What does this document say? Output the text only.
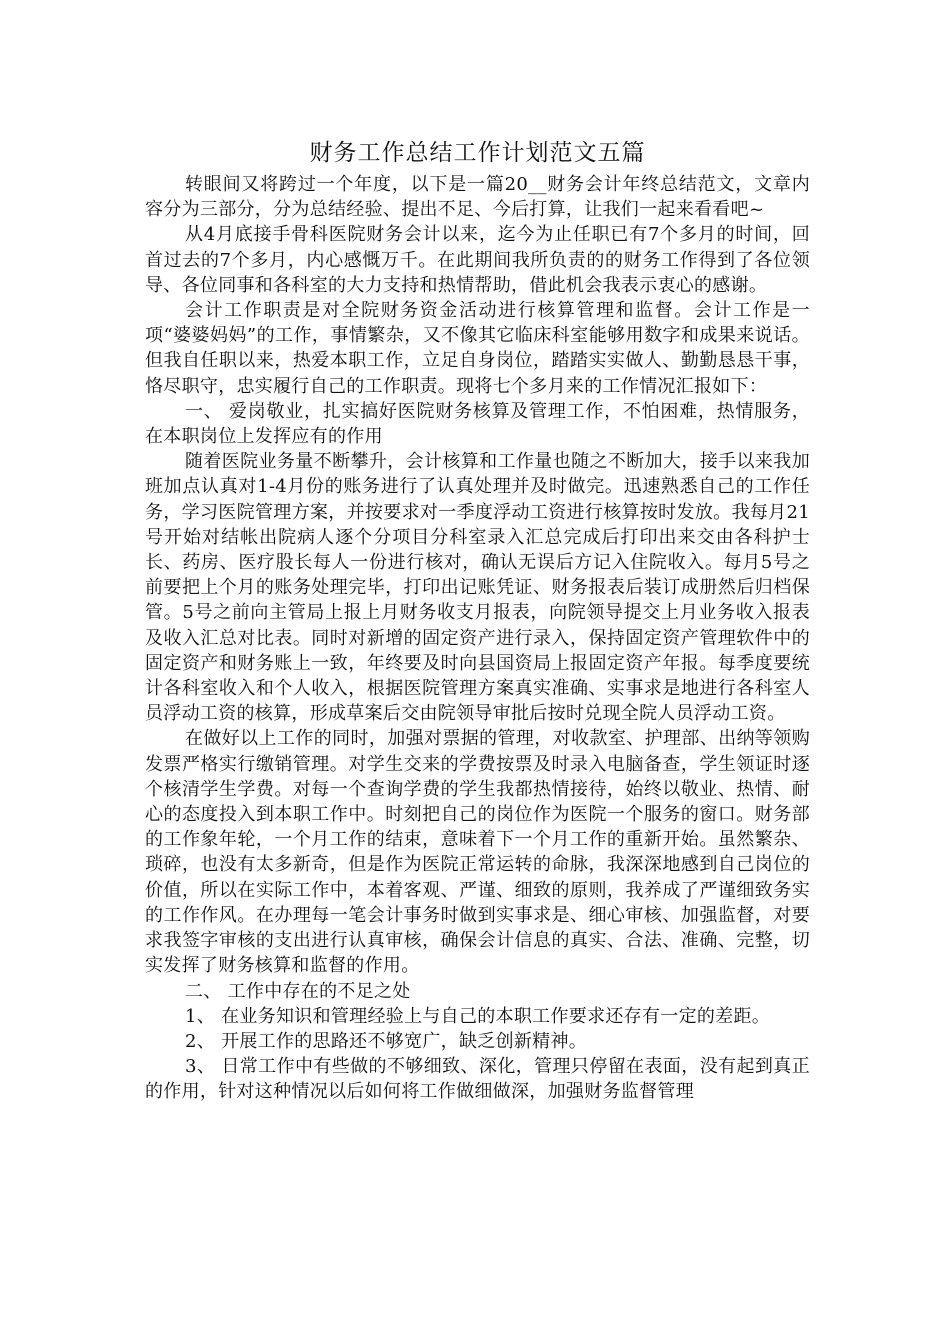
财务工作总结工作计划范文五篇

转眼间又将跨过一个年度，以下是一篇20__财务会计年终总结范文，文章内容分为三部分，分为总结经验、提出不足、今后打算，让我们一起来看看吧~

从4月底接手骨科医院财务会计以来，迄今为止任职已有7个多月的时间，回首过去的7个多月，内心感慨万千。在此期间我所负责的的财务工作得到了各位领导、各位同事和各科室的大力支持和热情帮助，借此机会我表示衷心的感谢。

会计工作职责是对全院财务资金活动进行核算管理和监督。会计工作是一项“婆婆妈妈”的工作，事情繁杂，又不像其它临床科室能够用数字和成果来说话。但我自任职以来，热爱本职工作，立足自身岗位，踏踏实实做人、勤勤恳恳干事，恪尽职守，忠实履行自己的工作职责。现将七个多月来的工作情况汇报如下：

一、 爱岗敬业，扎实搞好医院财务核算及管理工作，不怕困难，热情服务，在本职岗位上发挥应有的作用

随着医院业务量不断攀升，会计核算和工作量也随之不断加大，接手以来我加班加点认真对1-4月份的账务进行了认真处理并及时做完。迅速熟悉自己的工作任务，学习医院管理方案，并按要求对一季度浮动工资进行核算按时发放。我每月21号开始对结帐出院病人逐个分项目分科室录入汇总完成后打印出来交由各科护士长、药房、医疗股长每人一份进行核对，确认无误后方记入住院收入。每月5号之前要把上个月的账务处理完毕，打印出记账凭证、财务报表后装订成册然后归档保管。5号之前向主管局上报上月财务收支月报表，向院领导提交上月业务收入报表及收入汇总对比表。同时对新增的固定资产进行录入，保持固定资产管理软件中的固定资产和财务账上一致，年终要及时向县国资局上报固定资产年报。每季度要统计各科室收入和个人收入，根据医院管理方案真实准确、实事求是地进行各科室人员浮动工资的核算，形成草案后交由院领导审批后按时兑现全院人员浮动工资。

在做好以上工作的同时，加强对票据的管理，对收款室、护理部、出纳等领购发票严格实行缴销管理。对学生交来的学费按票及时录入电脑备查，学生领证时逐个核清学生学费。对每一个查询学费的学生我都热情接待，始终以敬业、热情、耐心的态度投入到本职工作中。时刻把自己的岗位作为医院一个服务的窗口。财务部的工作象年轮，一个月工作的结束，意味着下一个月工作的重新开始。虽然繁杂、琐碎，也没有太多新奇，但是作为医院正常运转的命脉，我深深地感到自己岗位的价值，所以在实际工作中，本着客观、严谨、细致的原则，我养成了严谨细致务实的工作作风。在办理每一笔会计事务时做到实事求是、细心审核、加强监督，对要求我签字审核的支出进行认真审核，确保会计信息的真实、合法、准确、完整，切实发挥了财务核算和监督的作用。

二、 工作中存在的不足之处

1、 在业务知识和管理经验上与自己的本职工作要求还存有一定的差距。

2、 开展工作的思路还不够宽广，缺乏创新精神。

3、 日常工作中有些做的不够细致、深化，管理只停留在表面，没有起到真正的作用，针对这种情况以后如何将工作做细做深，加强财务监督管理
